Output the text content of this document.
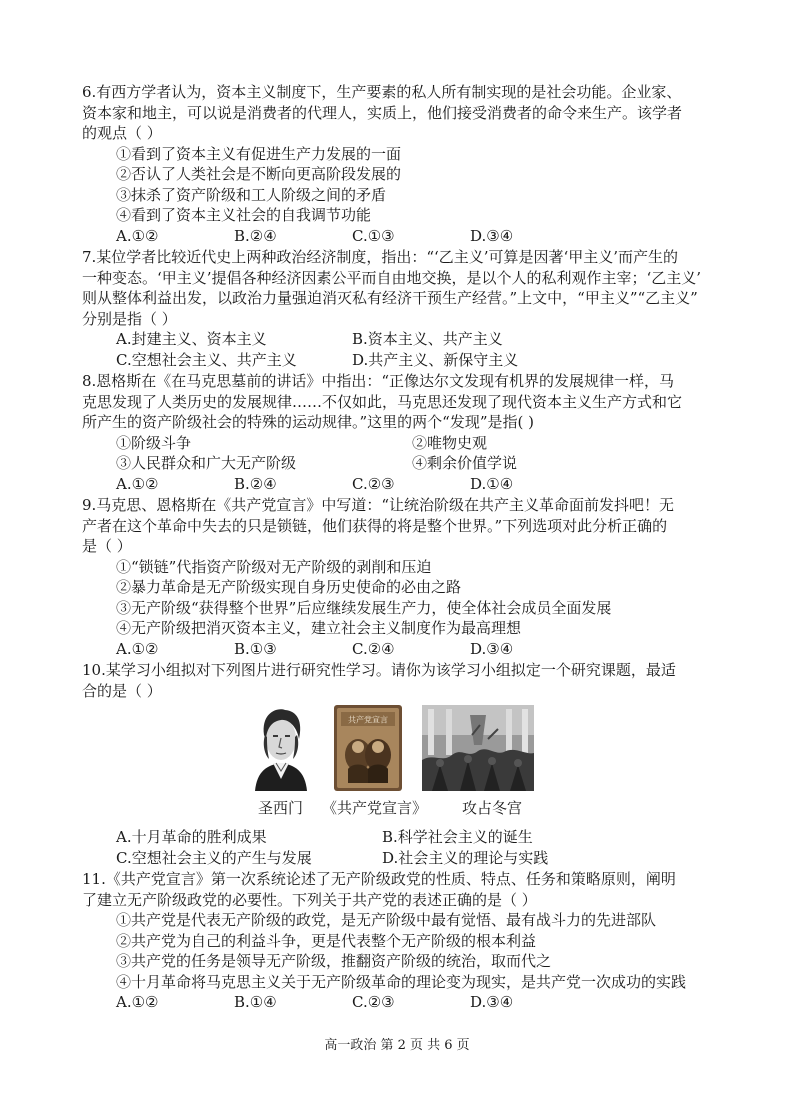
6.有西方学者认为，资本主义制度下，生产要素的私人所有制实现的是社会功能。企业家、
资本家和地主，可以说是消费者的代理人，实质上，他们接受消费者的命令来生产。该学者
的观点（ ）
①看到了资本主义有促进生产力发展的一面
②否认了人类社会是不断向更高阶段发展的
③抹杀了资产阶级和工人阶级之间的矛盾
④看到了资本主义社会的自我调节功能
A.①②	B.②④	C.①③	D.③④
7.某位学者比较近代史上两种政治经济制度，指出：“‘乙主义’可算是因著‘甲主义’而产生的
一种变态。‘甲主义’提倡各种经济因素公平而自由地交换，是以个人的私利观作主宰；‘乙主义’
则从整体利益出发，以政治力量强迫消灭私有经济干预生产经营。”上文中，“甲主义”“乙主义”
分别是指（ ）
A.封建主义、资本主义	B.资本主义、共产主义
C.空想社会主义、共产主义	D.共产主义、新保守主义
8.恩格斯在《在马克思墓前的讲话》中指出：“正像达尔文发现有机界的发展规律一样，马
克思发现了人类历史的发展规律……不仅如此，马克思还发现了现代资本主义生产方式和它
所产生的资产阶级社会的特殊的运动规律。”这里的两个“发现”是指( )
①阶级斗争	②唯物史观
③人民群众和广大无产阶级	④剩余价值学说
A.①②	B.②④	C.②③	D.①④
9.马克思、恩格斯在《共产党宣言》中写道：“让统治阶级在共产主义革命面前发抖吧！无
产者在这个革命中失去的只是锁链，他们获得的将是整个世界。”下列选项对此分析正确的
是（ ）
①“锁链”代指资产阶级对无产阶级的剥削和压迫
②暴力革命是无产阶级实现自身历史使命的必由之路
③无产阶级“获得整个世界”后应继续发展生产力，使全体社会成员全面发展
④无产阶级把消灭资本主义，建立社会主义制度作为最高理想
A.①②	B.①③	C.②④	D.③④
10.某学习小组拟对下列图片进行研究性学习。请你为该学习小组拟定一个研究课题，最适
合的是（ ）
共产党宣言
圣西门 《共产党宣言》 攻占冬宫
A.十月革命的胜利成果	B.科学社会主义的诞生
C.空想社会主义的产生与发展	D.社会主义的理论与实践
11.《共产党宣言》第一次系统论述了无产阶级政党的性质、特点、任务和策略原则，阐明
了建立无产阶级政党的必要性。下列关于共产党的表述正确的是（ ）
①共产党是代表无产阶级的政党，是无产阶级中最有觉悟、最有战斗力的先进部队
②共产党为自己的利益斗争，更是代表整个无产阶级的根本利益
③共产党的任务是领导无产阶级，推翻资产阶级的统治，取而代之
④十月革命将马克思主义关于无产阶级革命的理论变为现实，是共产党一次成功的实践
A.①②	B.①④	C.②③	D.③④
高一政治 第 2 页 共 6 页
